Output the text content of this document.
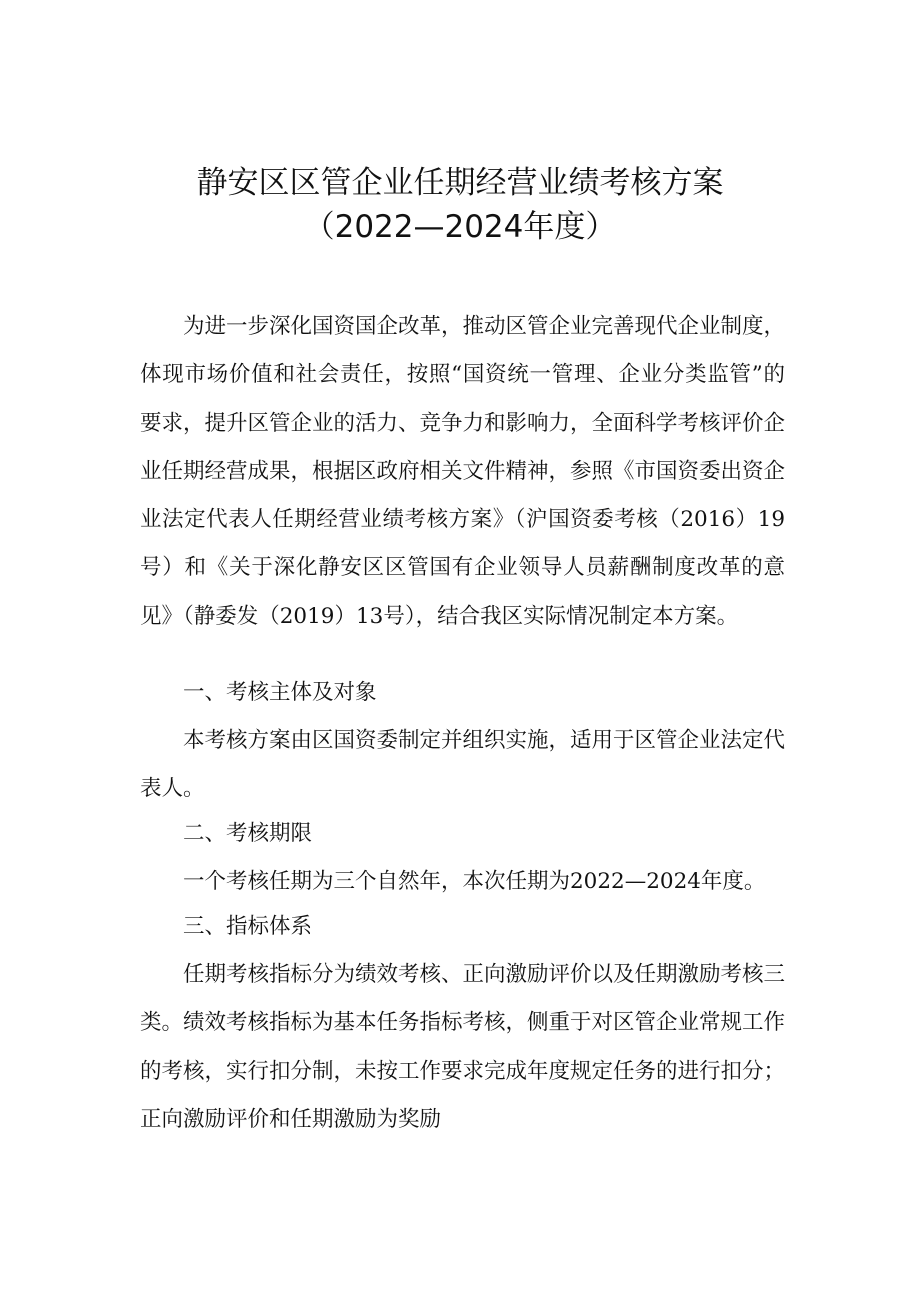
静安区区管企业任期经营业绩考核方案
（2022—2024年度）

为进一步深化国资国企改革，推动区管企业完善现代企业制度，体现市场价值和社会责任，按照“国资统一管理、企业分类监管”的要求，提升区管企业的活力、竞争力和影响力，全面科学考核评价企业任期经营成果，根据区政府相关文件精神，参照《市国资委出资企业法定代表人任期经营业绩考核方案》（沪国资委考核（2016）19号）和《关于深化静安区区管国有企业领导人员薪酬制度改革的意见》（静委发（2019）13号），结合我区实际情况制定本方案。

一、考核主体及对象

本考核方案由区国资委制定并组织实施，适用于区管企业法定代表人。

二、考核期限

一个考核任期为三个自然年，本次任期为2022—2024年度。

三、指标体系

任期考核指标分为绩效考核、正向激励评价以及任期激励考核三类。绩效考核指标为基本任务指标考核，侧重于对区管企业常规工作的考核，实行扣分制，未按工作要求完成年度规定任务的进行扣分；正向激励评价和任期激励为奖励
